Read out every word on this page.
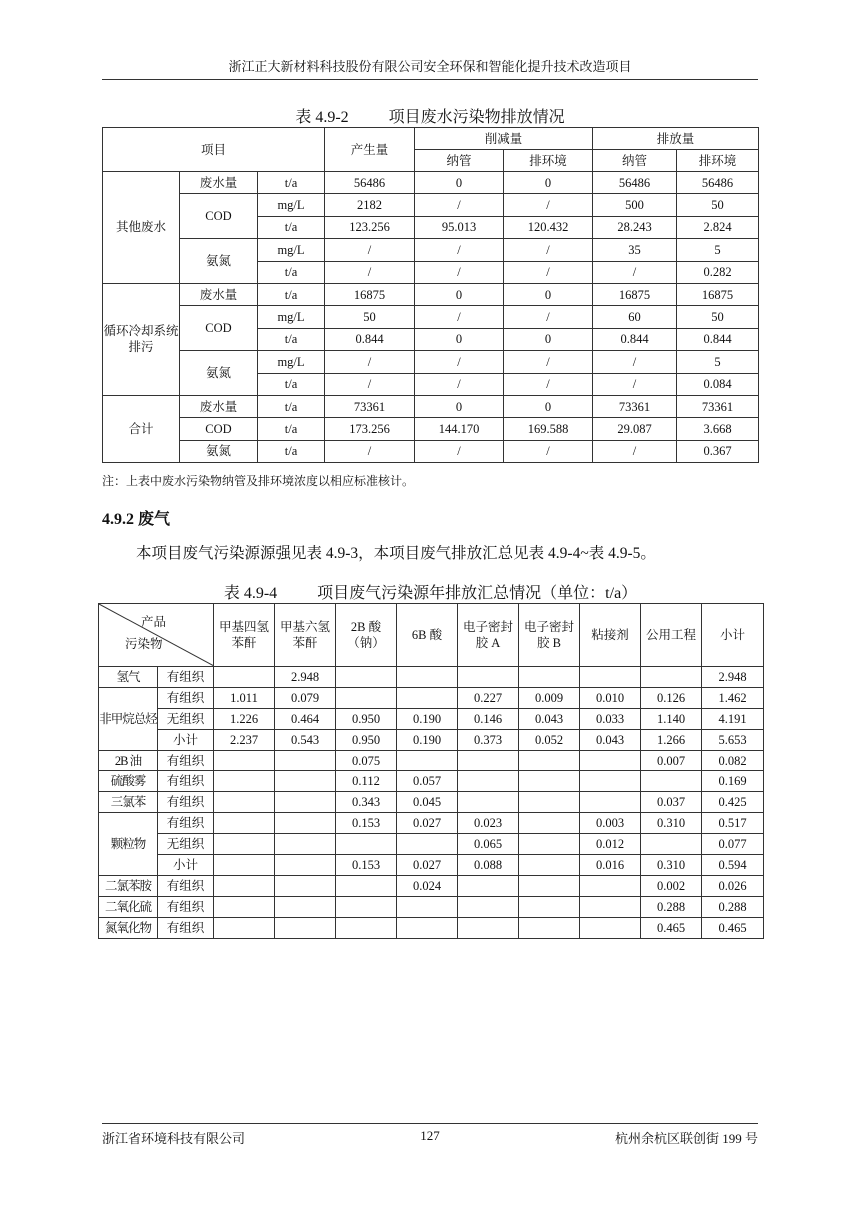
浙江正大新材料科技股份有限公司安全环保和智能化提升技术改造项目
表 4.9-2	项目废水污染物排放情况
项目			产生量	削减量		排放量	
				纳管	排环境	纳管	排环境
其他废水	废水量	t/a	56486	0	0	56486	56486
	COD	mg/L	2182	/	/	500	50
		t/a	123.256	95.013	120.432	28.243	2.824
	氨氮	mg/L	/	/	/	35	5
		t/a	/	/	/	/	0.282
循环冷却系统排污	废水量	t/a	16875	0	0	16875	16875
	COD	mg/L	50	/	/	60	50
		t/a	0.844	0	0	0.844	0.844
	氨氮	mg/L	/	/	/	/	5
		t/a	/	/	/	/	0.084
合计	废水量	t/a	73361	0	0	73361	73361
	COD	t/a	173.256	144.170	169.588	29.087	3.668
	氨氮	t/a	/	/	/	/	0.367
注：上表中废水污染物纳管及排环境浓度以相应标准核计。
4.9.2 废气
本项目废气污染源源强见表 4.9-3，本项目废气排放汇总见表 4.9-4~表 4.9-5。
表 4.9-4	项目废气污染源年排放汇总情况（单位：t/a）
产品
污染物		甲基四氢苯酐	甲基六氢苯酐	2B 酸（钠）	6B 酸	电子密封胶 A	电子密封胶 B	粘接剂	公用工程	小计
氢气	有组织		2.948							2.948
非甲烷总烃	有组织	1.011	0.079			0.227	0.009	0.010	0.126	1.462
	无组织	1.226	0.464	0.950	0.190	0.146	0.043	0.033	1.140	4.191
	小计	2.237	0.543	0.950	0.190	0.373	0.052	0.043	1.266	5.653
2B 油	有组织			0.075					0.007	0.082
硫酸雾	有组织			0.112	0.057					0.169
三氯苯	有组织			0.343	0.045				0.037	0.425
颗粒物	有组织			0.153	0.027	0.023		0.003	0.310	0.517
	无组织					0.065		0.012		0.077
	小计			0.153	0.027	0.088		0.016	0.310	0.594
二氯苯胺	有组织				0.024				0.002	0.026
二氧化硫	有组织								0.288	0.288
氮氧化物	有组织								0.465	0.465
浙江省环境科技有限公司	127	杭州余杭区联创街 199 号
